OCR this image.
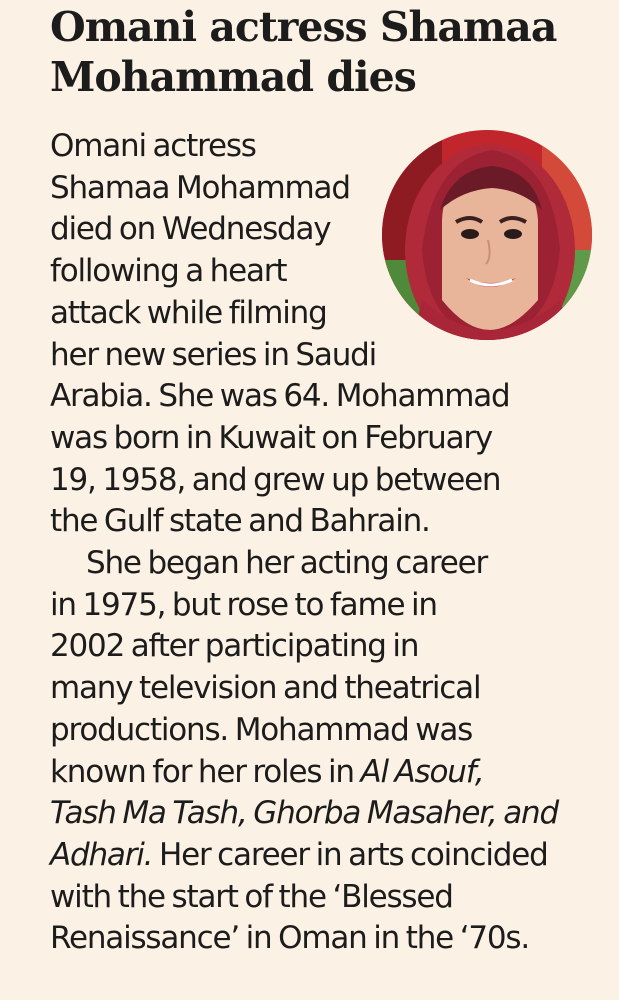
Omani actress Shamaa
Mohammad dies
Omani actress
Shamaa Mohammad
died on Wednesday
following a heart
attack while filming
her new series in Saudi
Arabia. She was 64. Mohammad
was born in Kuwait on February
19, 1958, and grew up between
the Gulf state and Bahrain.
She began her acting career
in 1975, but rose to fame in
2002 after participating in
many television and theatrical
productions. Mohammad was
known for her roles in Al Asouf,
Tash Ma Tash, Ghorba Masaher, and
Adhari. Her career in arts coincided
with the start of the ‘Blessed
Renaissance’ in Oman in the ‘70s.
